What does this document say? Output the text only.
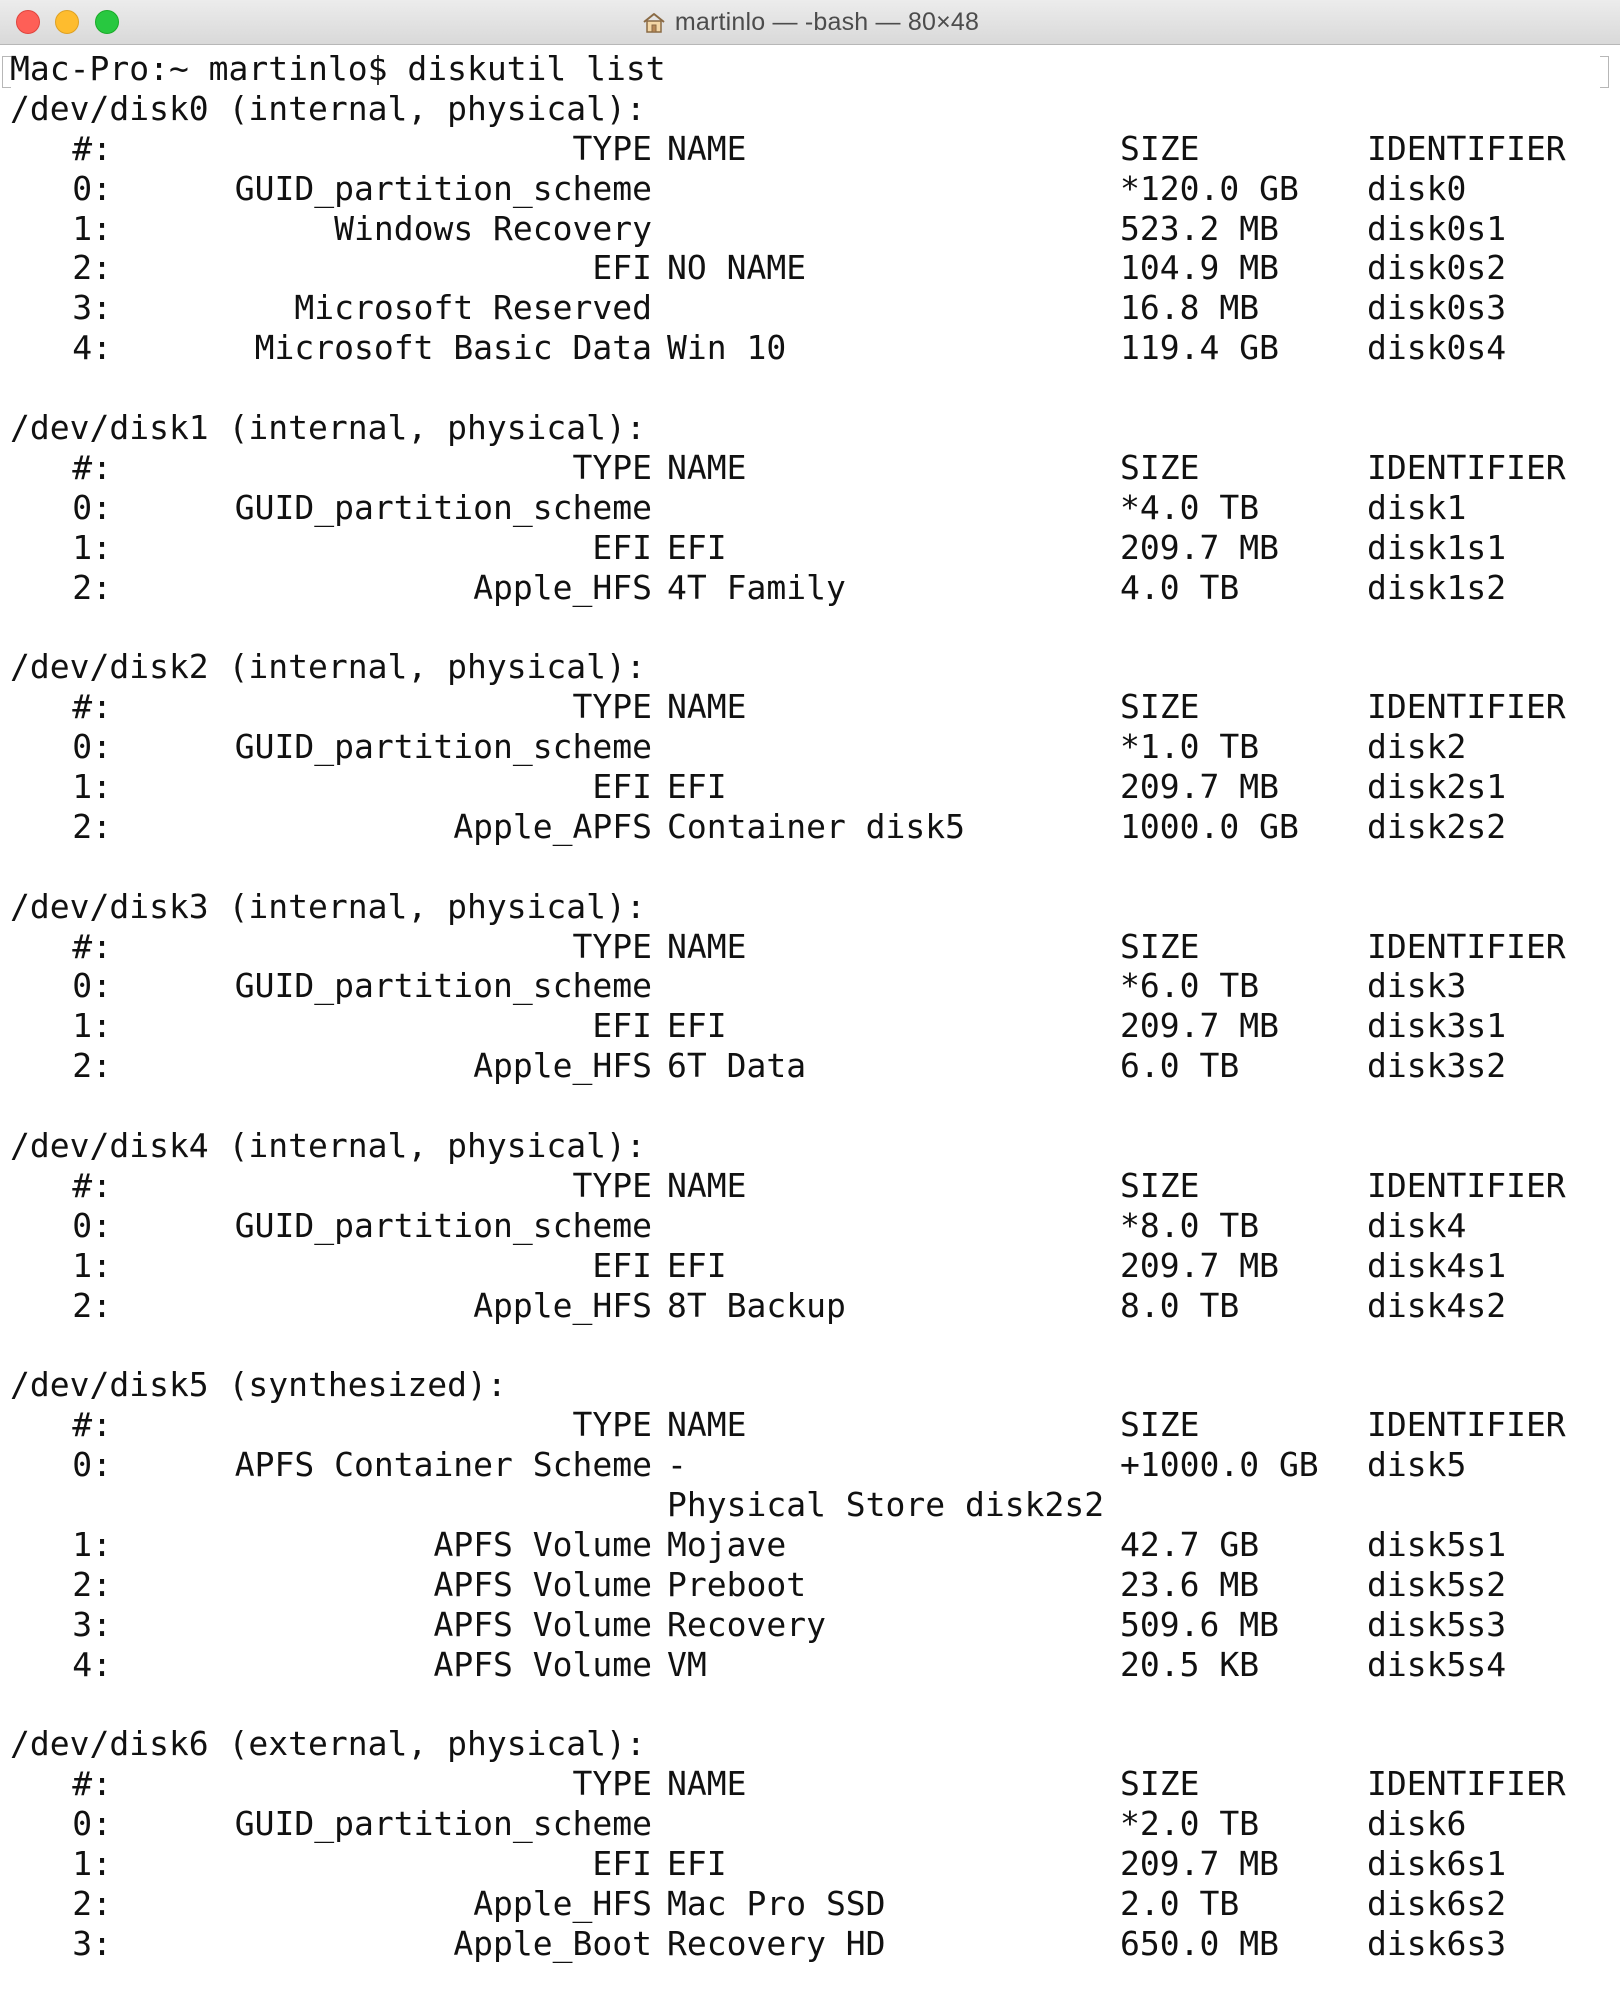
martinlo — -bash — 80×48
Mac-Pro:~ martinlo$ diskutil list
/dev/disk0 (internal, physical):
#:	TYPE NAME	SIZE	IDENTIFIER
0:	GUID_partition_scheme	*120.0 GB disk0
1:	Windows Recovery	523.2 MB	disk0s1
2:	EFI NO NAME	104.9 MB	disk0s2
3:	Microsoft Reserved	16.8 MB	disk0s3
4:	Microsoft Basic Data Win 10	119.4 GB	disk0s4
/dev/disk1 (internal, physical):
#:	TYPE NAME	SIZE	IDENTIFIER
0:	GUID_partition_scheme	*4.0 TB	disk1
1:	EFI EFI	209.7 MB	disk1s1
2:	Apple_HFS 4T Family	4.0 TB	disk1s2
/dev/disk2 (internal, physical):
#:	TYPE NAME	SIZE	IDENTIFIER
0:	GUID_partition_scheme	*1.0 TB	disk2
1:	EFI EFI	209.7 MB	disk2s1
2:	Apple_APFS Container disk5	1000.0 GB disk2s2
/dev/disk3 (internal, physical):
#:	TYPE NAME	SIZE	IDENTIFIER
0:	GUID_partition_scheme	*6.0 TB	disk3
1:	EFI EFI	209.7 MB	disk3s1
2:	Apple_HFS 6T Data	6.0 TB	disk3s2
/dev/disk4 (internal, physical):
#:	TYPE NAME	SIZE	IDENTIFIER
0:	GUID_partition_scheme	*8.0 TB	disk4
1:	EFI EFI	209.7 MB	disk4s1
2:	Apple_HFS 8T Backup	8.0 TB	disk4s2
/dev/disk5 (synthesized):
#:	TYPE NAME	SIZE	IDENTIFIER
0:	APFS Container Scheme -	+1000.0 GB disk5
Physical Store disk2s2
1:	APFS Volume Mojave	42.7 GB	disk5s1
2:	APFS Volume Preboot	23.6 MB	disk5s2
3:	APFS Volume Recovery	509.6 MB	disk5s3
4:	APFS Volume VM	20.5 KB	disk5s4
/dev/disk6 (external, physical):
#:	TYPE NAME	SIZE	IDENTIFIER
0:	GUID_partition_scheme	*2.0 TB	disk6
1:	EFI EFI	209.7 MB	disk6s1
2:	Apple_HFS Mac Pro SSD	2.0 TB	disk6s2
3:	Apple_Boot Recovery HD	650.0 MB	disk6s3
